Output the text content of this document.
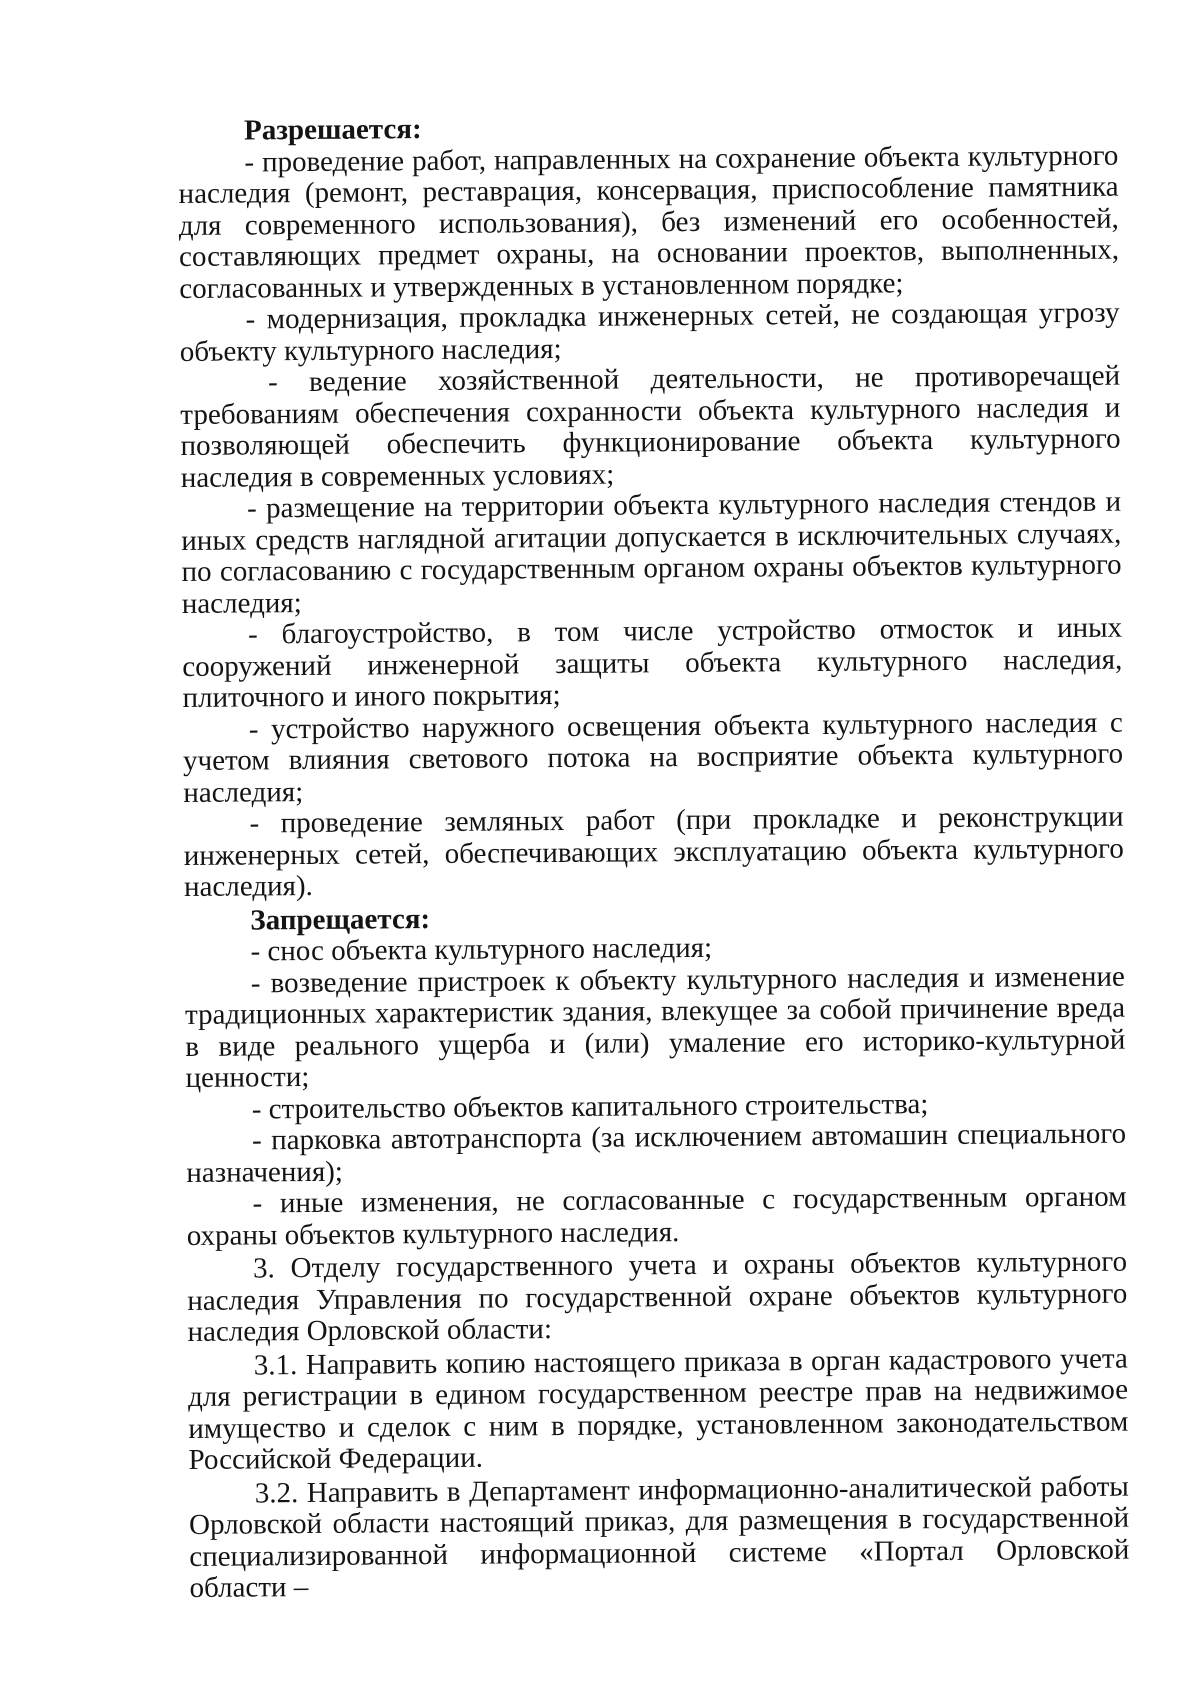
Разрешается:

- проведение работ, направленных на сохранение объекта культурного наследия (ремонт, реставрация, консервация, приспособление памятника для современного использования), без изменений его особенностей, составляющих предмет охраны, на основании проектов, выполненных, согласованных и утвержденных в установленном порядке;

- модернизация, прокладка инженерных сетей, не создающая угрозу объекту культурного наследия;

- ведение хозяйственной деятельности, не противоречащей требованиям обеспечения сохранности объекта культурного наследия и позволяющей обеспечить функционирование объекта культурного наследия в современных условиях;

- размещение на территории объекта культурного наследия стендов и иных средств наглядной агитации допускается в исключительных случаях, по согласованию с государственным органом охраны объектов культурного наследия;

- благоустройство, в том числе устройство отмосток и иных сооружений инженерной защиты объекта культурного наследия, плиточного и иного покрытия;

- устройство наружного освещения объекта культурного наследия с учетом влияния светового потока на восприятие объекта культурного наследия;

- проведение земляных работ (при прокладке и реконструкции инженерных сетей, обеспечивающих эксплуатацию объекта культурного наследия).

Запрещается:

- снос объекта культурного наследия;

- возведение пристроек к объекту культурного наследия и изменение традиционных характеристик здания, влекущее за собой причинение вреда в виде реального ущерба и (или) умаление его историко-культурной ценности;

- строительство объектов капитального строительства;

- парковка автотранспорта (за исключением автомашин специального назначения);

- иные изменения, не согласованные с государственным органом охраны объектов культурного наследия.

3. Отделу государственного учета и охраны объектов культурного наследия Управления по государственной охране объектов культурного наследия Орловской области:

3.1. Направить копию настоящего приказа в орган кадастрового учета для регистрации в едином государственном реестре прав на недвижимое имущество и сделок с ним в порядке, установленном законодательством Российской Федерации.

3.2. Направить в Департамент информационно-аналитической работы Орловской области настоящий приказ, для размещения в государственной специализированной информационной системе «Портал Орловской области –
